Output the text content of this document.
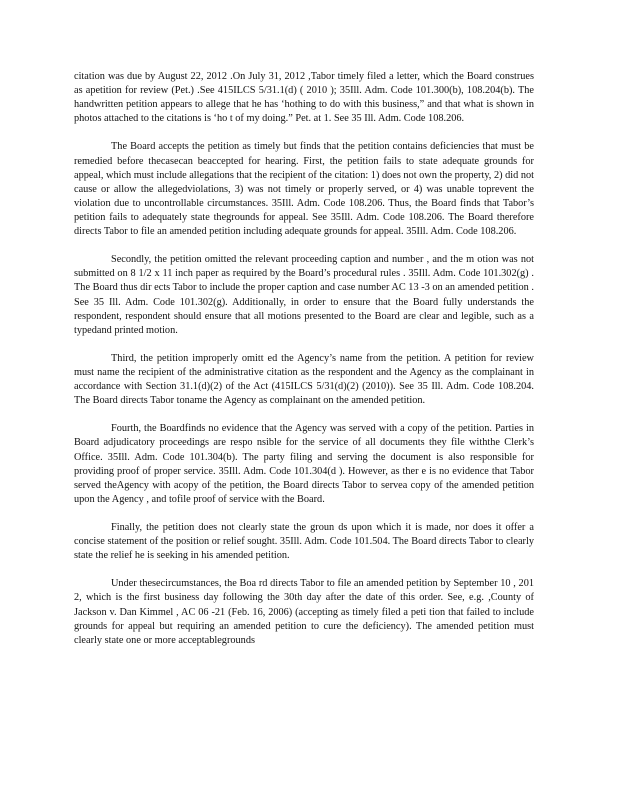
citation was due by August 22, 2012 .On July 31, 2012 ,Tabor timely filed a letter, which the Board construes as apetition for review (Pet.) .See 415ILCS 5/31.1(d) ( 2010 ); 35Ill. Adm. Code 101.300(b), 108.204(b). The handwritten petition appears to allege that he has ‘hothing to do with this business,” and that what is shown in photos attached to the citations is ‘ho t of my doing.” Pet. at 1. See 35 Ill. Adm. Code 108.206.

The Board accepts the petition as timely but finds that the petition contains deficiencies that must be remedied before thecasecan beaccepted for hearing. First, the petition fails to state adequate grounds for appeal, which must include allegations that the recipient of the citation: 1) does not own the property, 2) did not cause or allow the allegedviolations, 3) was not timely or properly served, or 4) was unable toprevent the violation due to uncontrollable circumstances. 35Ill. Adm. Code 108.206. Thus, the Board finds that Tabor’s petition fails to adequately state thegrounds for appeal. See 35Ill. Adm. Code 108.206. The Board therefore directs Tabor to file an amended petition including adequate grounds for appeal. 35Ill. Adm. Code 108.206.

Secondly, the petition omitted the relevant proceeding caption and number , and the m otion was not submitted on 8 1/2 x 11 inch paper as required by the Board’s procedural rules . 35Ill. Adm. Code 101.302(g) . The Board thus dir ects Tabor to include the proper caption and case number AC 13 -3 on an amended petition . See 35 Ill. Adm. Code 101.302(g). Additionally, in order to ensure that the Board fully understands the respondent, respondent should ensure that all motions presented to the Board are clear and legible, such as a typedand printed motion.

Third, the petition improperly omitt ed the Agency’s name from the petition. A petition for review must name the recipient of the administrative citation as the respondent and the Agency as the complainant in accordance with Section 31.1(d)(2) of the Act (415ILCS 5/31(d)(2) (2010)). See 35 Ill. Adm. Code 108.204. The Board directs Tabor toname the Agency as complainant on the amended petition.

Fourth, the Boardfinds no evidence that the Agency was served with a copy of the petition. Parties in Board adjudicatory proceedings are respo nsible for the service of all documents they file withthe Clerk’s Office. 35Ill. Adm. Code 101.304(b). The party filing and serving the document is also responsible for providing proof of proper service. 35Ill. Adm. Code 101.304(d ). However, as ther e is no evidence that Tabor served theAgency with acopy of the petition, the Board directs Tabor to servea copy of the amended petition upon the Agency , and tofile proof of service with the Board.

Finally, the petition does not clearly state the groun ds upon which it is made, nor does it offer a concise statement of the position or relief sought. 35Ill. Adm. Code 101.504. The Board directs Tabor to clearly state the relief he is seeking in his amended petition.

Under thesecircumstances, the Boa rd directs Tabor to file an amended petition by September 10 , 201 2, which is the first business day following the 30th day after the date of this order. See, e.g. ,County of Jackson v. Dan Kimmel , AC 06 -21 (Feb. 16, 2006) (accepting as timely filed a peti tion that failed to include grounds for appeal but requiring an amended petition to cure the deficiency). The amended petition must clearly state one or more acceptablegrounds
